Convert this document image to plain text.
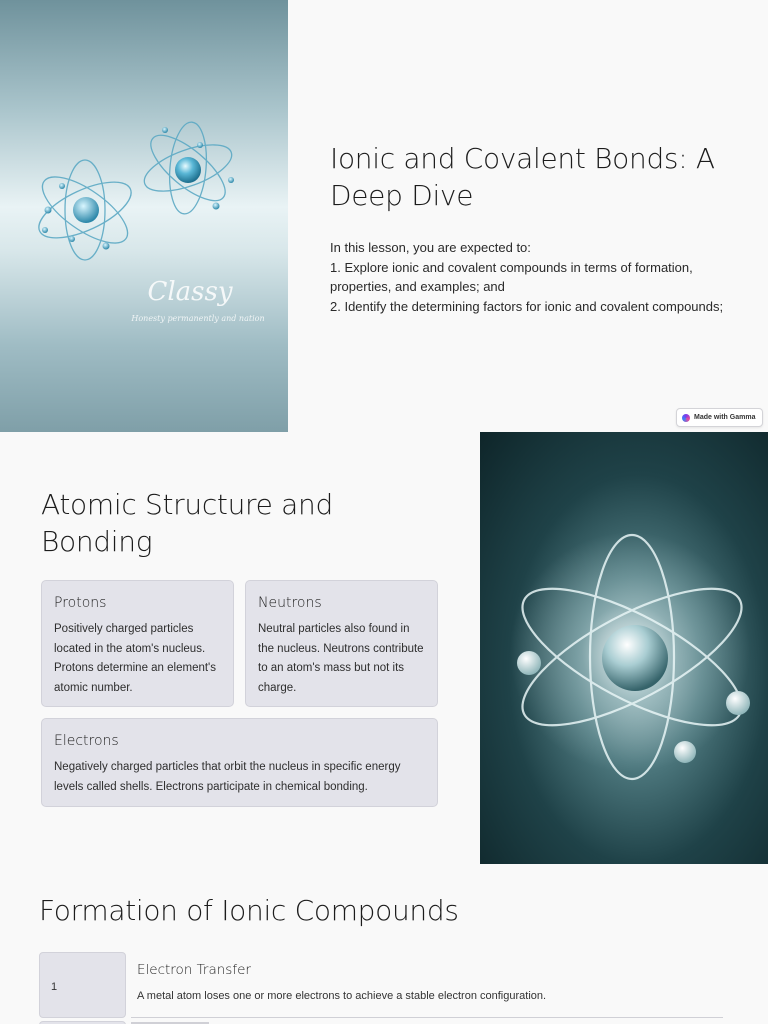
Classy
Honesty permanently and nation
Ionic and Covalent Bonds: A Deep Dive

In this lesson, you are expected to:

1. Explore ionic and covalent compounds in terms of formation, properties, and examples; and

2. Identify the determining factors for ionic and covalent compounds;

Made with Gamma
Atomic Structure and Bonding
Protons
Positively charged particles located in the atom's nucleus. Protons determine an element's atomic number.
Neutrons
Neutral particles also found in the nucleus. Neutrons contribute to an atom's mass but not its charge.
Electrons
Negatively charged particles that orbit the nucleus in specific energy levels called shells. Electrons participate in chemical bonding.
Formation of Ionic Compounds
1
Electron Transfer
A metal atom loses one or more electrons to achieve a stable electron configuration.
